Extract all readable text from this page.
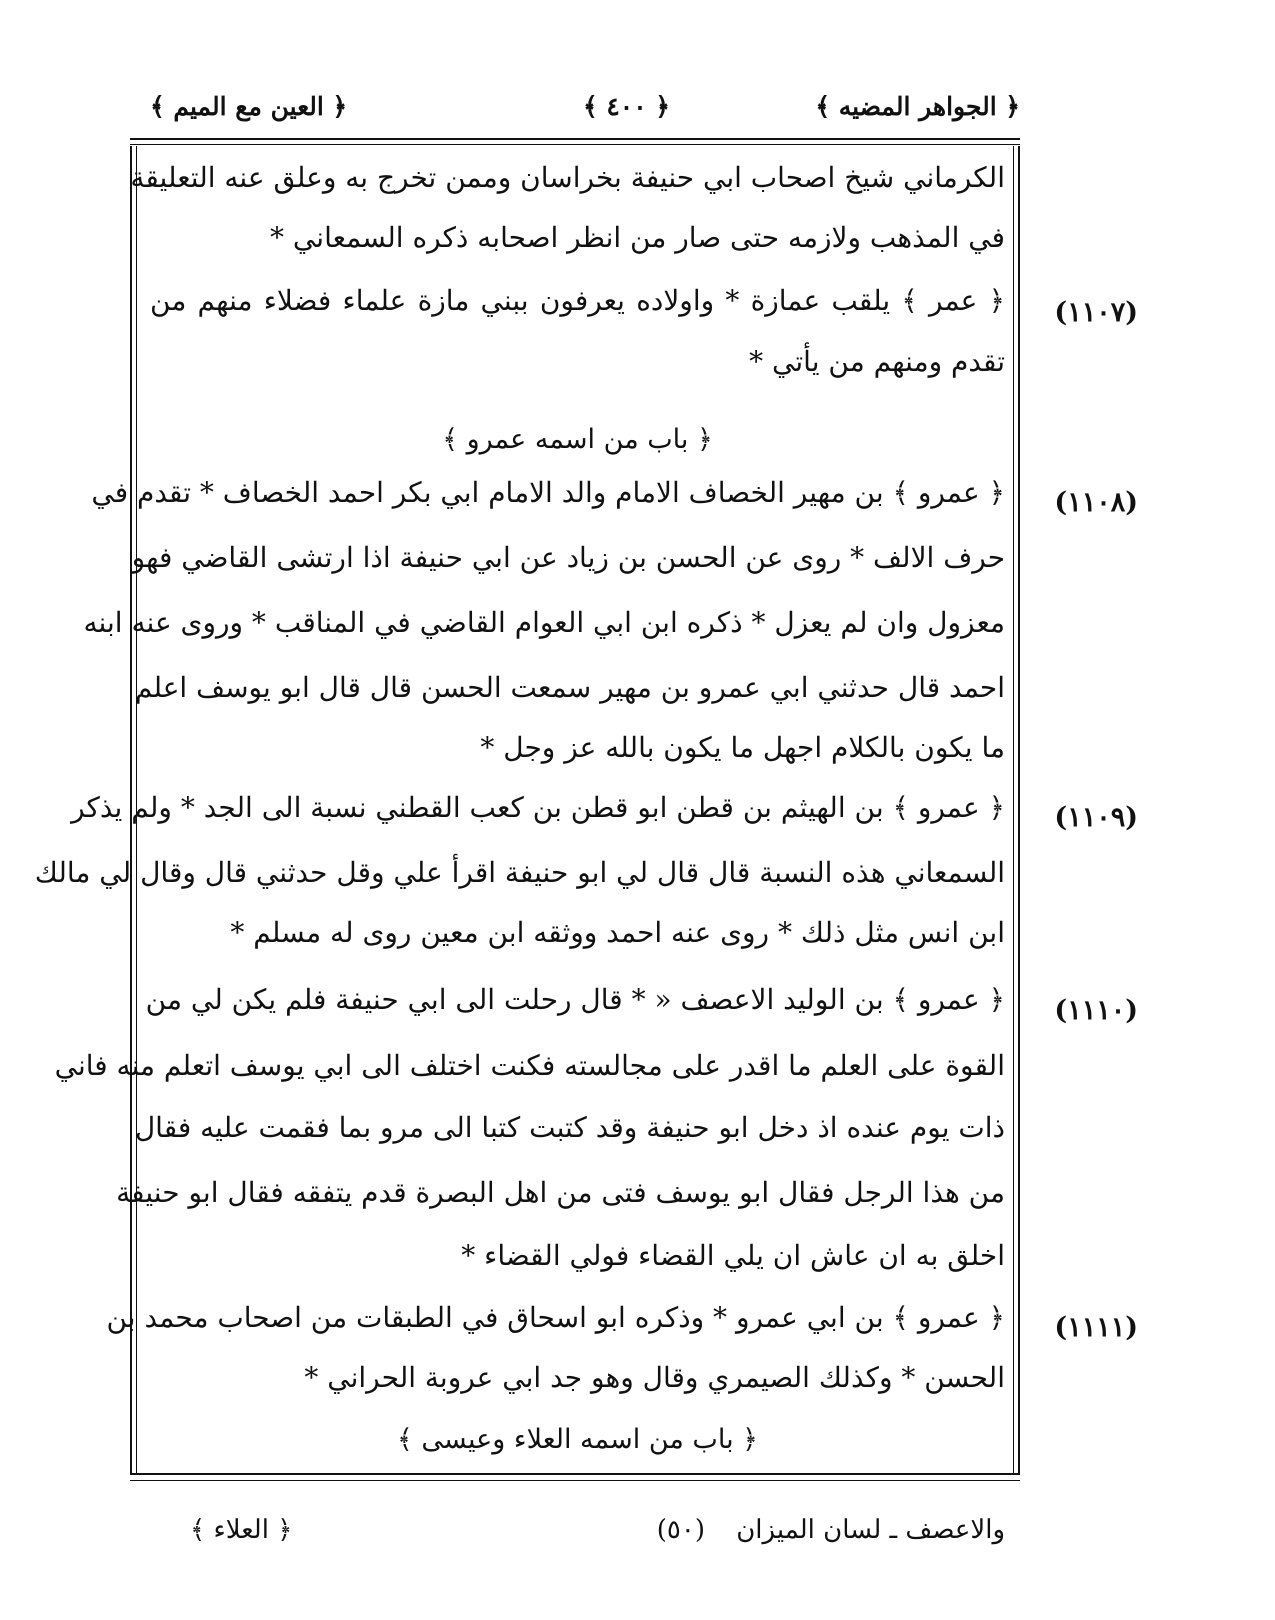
﴿ الجواهر المضيه ﴾
﴿ ٤٠٠ ﴾
﴿ العين مع الميم ﴾
الكرماني شيخ اصحاب ابي حنيفة بخراسان وممن تخرج به وعلق عنه التعليقة
في المذهب ولازمه حتى صار من انظر اصحابه ذكره السمعاني *
﴿ عمر ﴾ يلقب عمازة * واولاده يعرفون ببني مازة علماء فضلاء منهم من
تقدم ومنهم من يأتي *
﴿ باب من اسمه عمرو ﴾
﴿ عمرو ﴾ بن مهير الخصاف الامام والد الامام ابي بكر احمد الخصاف * تقدم في
حرف الالف * روى عن الحسن بن زياد عن ابي حنيفة اذا ارتشى القاضي فهو
معزول وان لم يعزل * ذكره ابن ابي العوام القاضي في المناقب * وروى عنه ابنه
احمد قال حدثني ابي عمرو بن مهير سمعت الحسن قال قال ابو يوسف اعلم
ما يكون بالكلام اجهل ما يكون بالله عز وجل *
﴿ عمرو ﴾ بن الهيثم بن قطن ابو قطن بن كعب القطني نسبة الى الجد * ولم يذكر
السمعاني هذه النسبة قال قال لي ابو حنيفة اقرأ علي وقل حدثني قال وقال لي مالك
ابن انس مثل ذلك * روى عنه احمد ووثقه ابن معين روى له مسلم *
﴿ عمرو ﴾ بن الوليد الاعصف « * قال رحلت الى ابي حنيفة فلم يكن لي من
القوة على العلم ما اقدر على مجالسته فكنت اختلف الى ابي يوسف اتعلم منه فاني
ذات يوم عنده اذ دخل ابو حنيفة وقد كتبت كتبا الى مرو بما فقمت عليه فقال
من هذا الرجل فقال ابو يوسف فتى من اهل البصرة قدم يتفقه فقال ابو حنيفة
اخلق به ان عاش ان يلي القضاء فولي القضاء *
﴿ عمرو ﴾ بن ابي عمرو * وذكره ابو اسحاق في الطبقات من اصحاب محمد بن
الحسن * وكذلك الصيمري وقال وهو جد ابي عروبة الحراني *
﴿ باب من اسمه العلاء وعيسى ﴾
(١١٠٧)
(١١٠٨)
(١١٠٩)
(١١١٠)
(١١١١)
والاعصف ـ لسان الميزان
(٥٠)
﴿ العلاء ﴾
